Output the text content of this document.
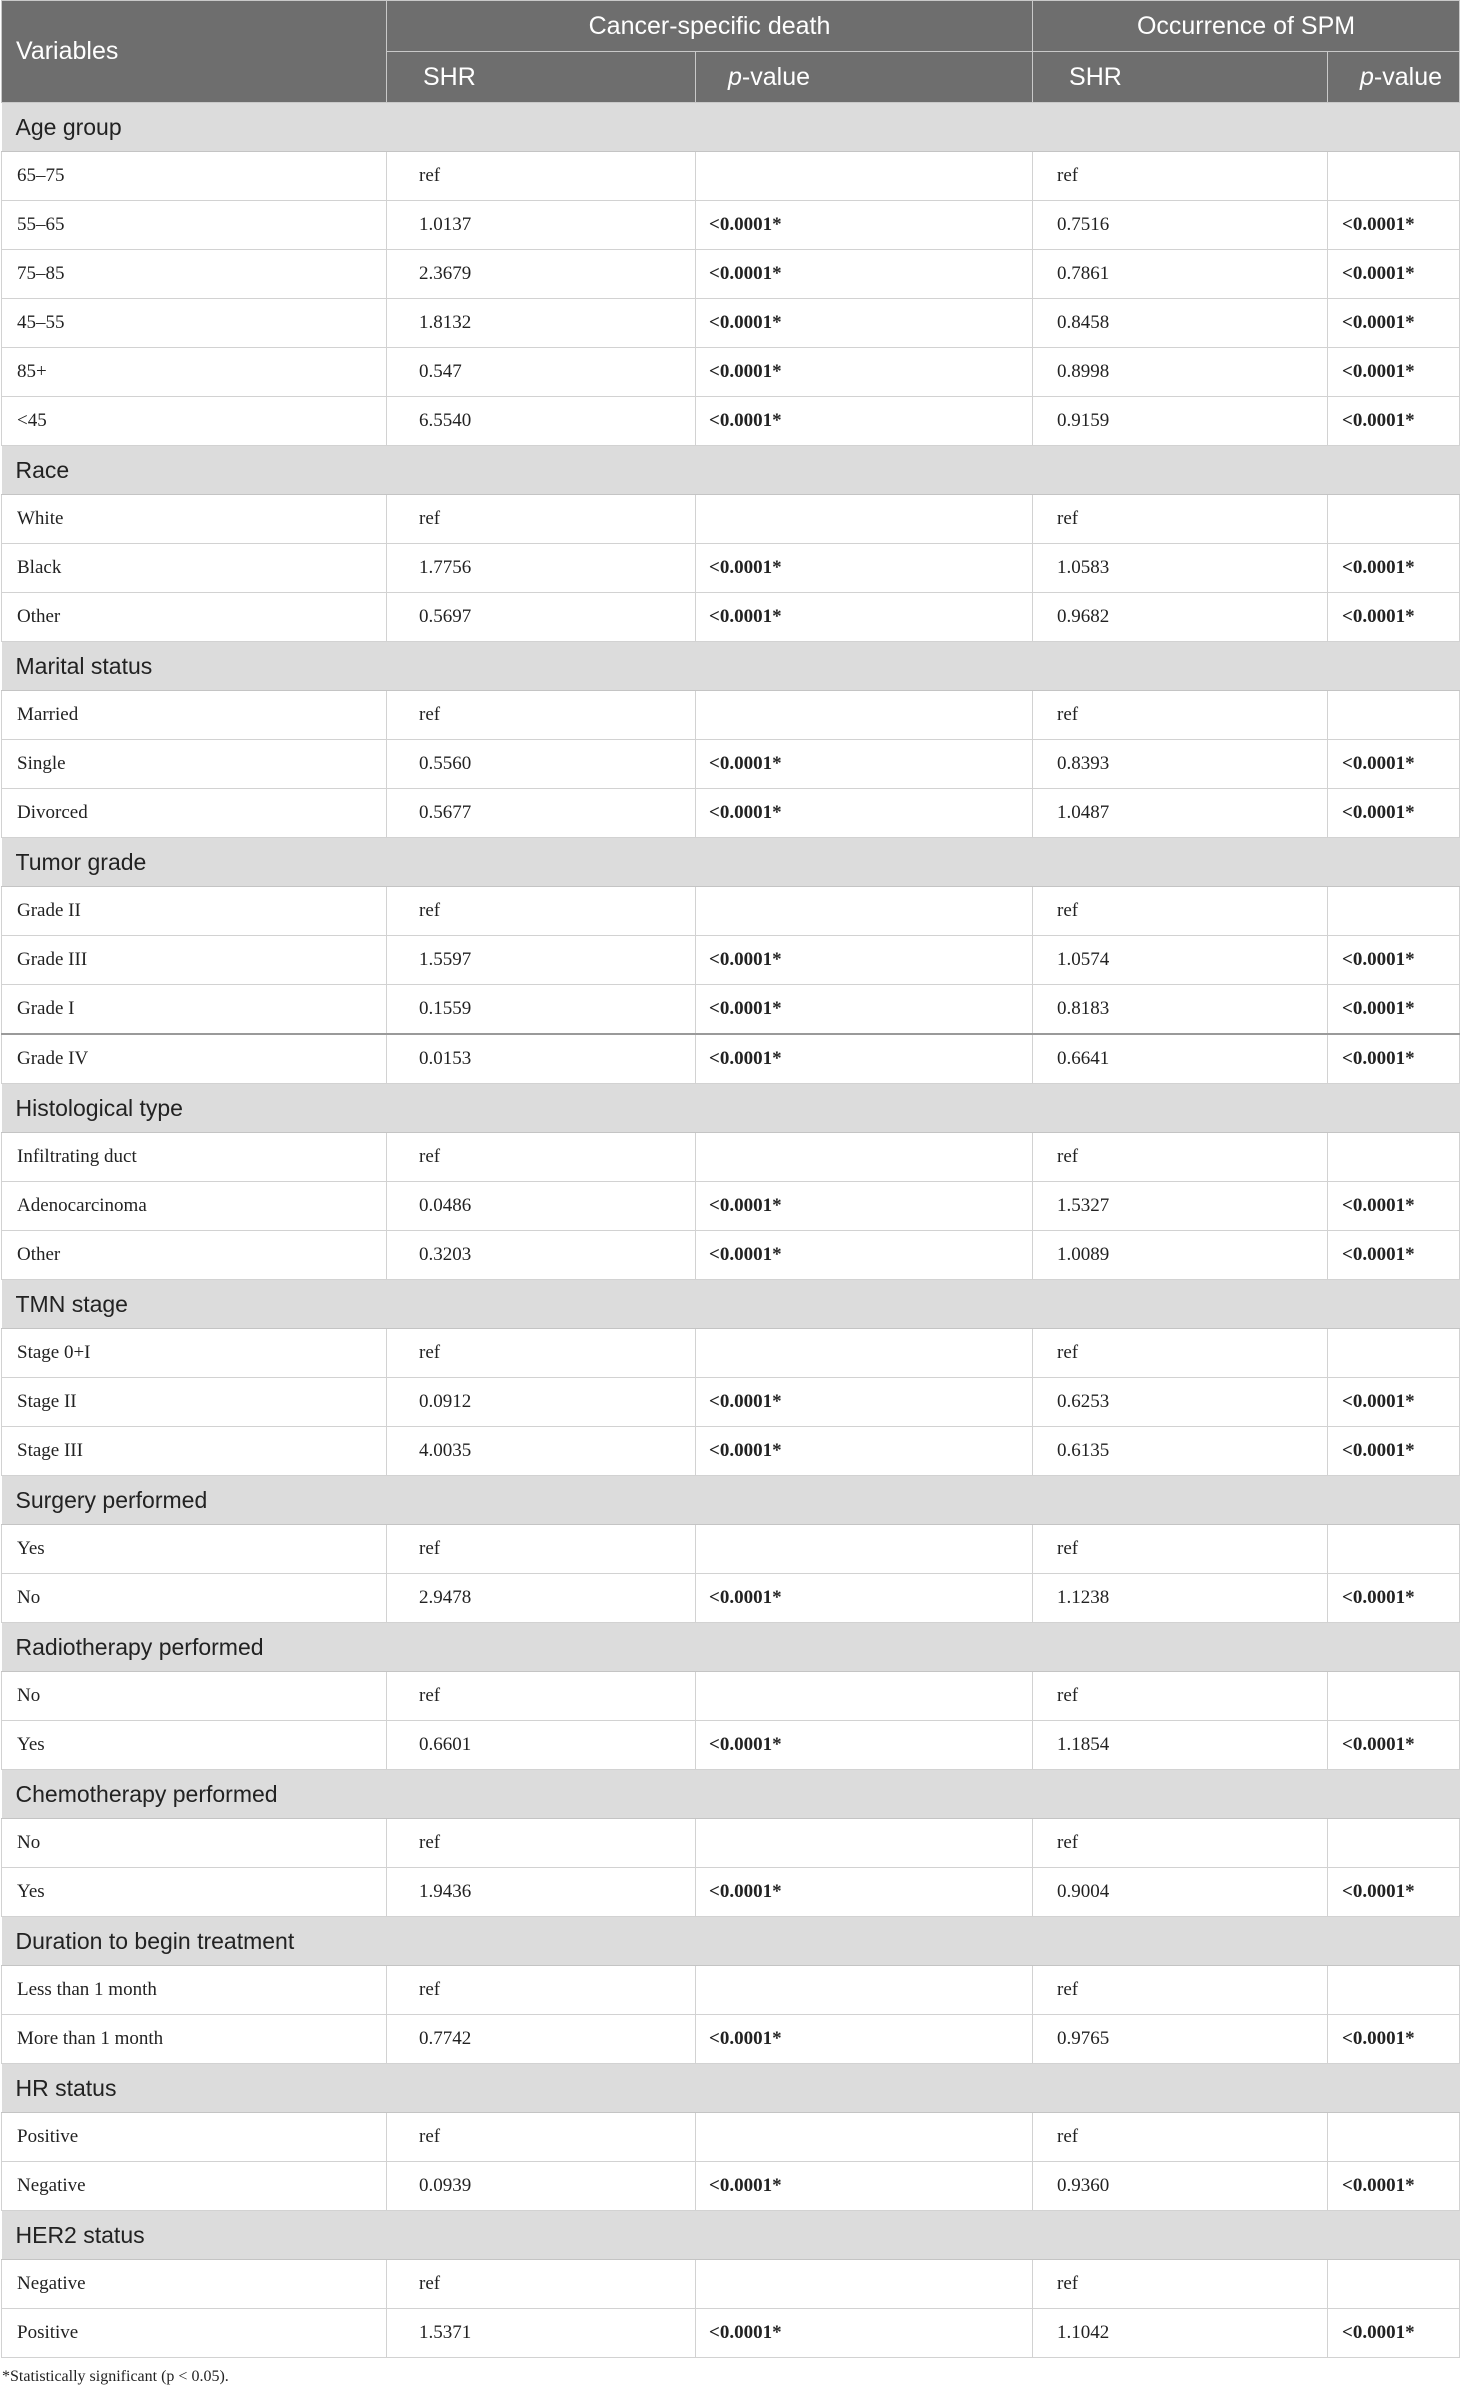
Variables	Cancer-specific death		Occurrence of SPM	
	SHR	p-value	SHR	p-value
Age group				
65–75	ref		ref	
55–65	1.0137	<0.0001*	0.7516	<0.0001*
75–85	2.3679	<0.0001*	0.7861	<0.0001*
45–55	1.8132	<0.0001*	0.8458	<0.0001*
85+	0.547	<0.0001*	0.8998	<0.0001*
<45	6.5540	<0.0001*	0.9159	<0.0001*
Race				
White	ref		ref	
Black	1.7756	<0.0001*	1.0583	<0.0001*
Other	0.5697	<0.0001*	0.9682	<0.0001*
Marital status				
Married	ref		ref	
Single	0.5560	<0.0001*	0.8393	<0.0001*
Divorced	0.5677	<0.0001*	1.0487	<0.0001*
Tumor grade				
Grade II	ref		ref	
Grade III	1.5597	<0.0001*	1.0574	<0.0001*
Grade I	0.1559	<0.0001*	0.8183	<0.0001*
Grade IV	0.0153	<0.0001*	0.6641	<0.0001*
Histological type				
Infiltrating duct	ref		ref	
Adenocarcinoma	0.0486	<0.0001*	1.5327	<0.0001*
Other	0.3203	<0.0001*	1.0089	<0.0001*
TMN stage				
Stage 0+I	ref		ref	
Stage II	0.0912	<0.0001*	0.6253	<0.0001*
Stage III	4.0035	<0.0001*	0.6135	<0.0001*
Surgery performed				
Yes	ref		ref	
No	2.9478	<0.0001*	1.1238	<0.0001*
Radiotherapy performed				
No	ref		ref	
Yes	0.6601	<0.0001*	1.1854	<0.0001*
Chemotherapy performed				
No	ref		ref	
Yes	1.9436	<0.0001*	0.9004	<0.0001*
Duration to begin treatment				
Less than 1 month	ref		ref	
More than 1 month	0.7742	<0.0001*	0.9765	<0.0001*
HR status				
Positive	ref		ref	
Negative	0.0939	<0.0001*	0.9360	<0.0001*
HER2 status				
Negative	ref		ref	
Positive	1.5371	<0.0001*	1.1042	<0.0001*
*Statistically significant (p < 0.05).
